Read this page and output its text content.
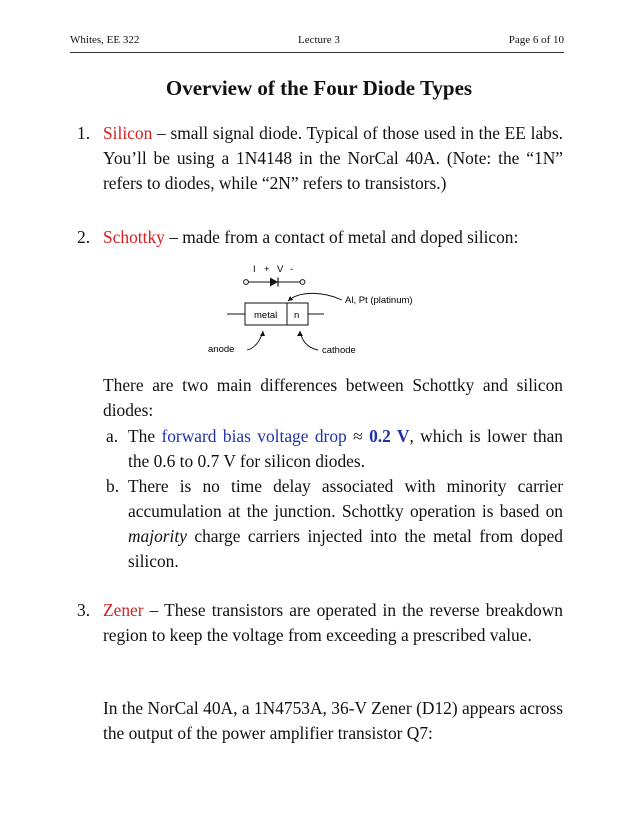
Whites, EE 322	Lecture 3	Page 6 of 10
Overview of the Four Diode Types
1. Silicon – small signal diode. Typical of those used in the EE labs. You’ll be using a 1N4148 in the NorCal 40A. (Note: the “1N” refers to diodes, while “2N” refers to transistors.)
2. Schottky – made from a contact of metal and doped silicon:
I + V -
metal n
Al, Pt (platinum)
anode	cathode
There are two main differences between Schottky and silicon diodes:
a. The forward bias voltage drop ≈ 0.2 V, which is lower than the 0.6 to 0.7 V for silicon diodes.
b. There is no time delay associated with minority carrier accumulation at the junction. Schottky operation is based on majority charge carriers injected into the metal from doped silicon.
3. Zener – These transistors are operated in the reverse breakdown region to keep the voltage from exceeding a prescribed value.
In the NorCal 40A, a 1N4753A, 36-V Zener (D12) appears across the output of the power amplifier transistor Q7:
